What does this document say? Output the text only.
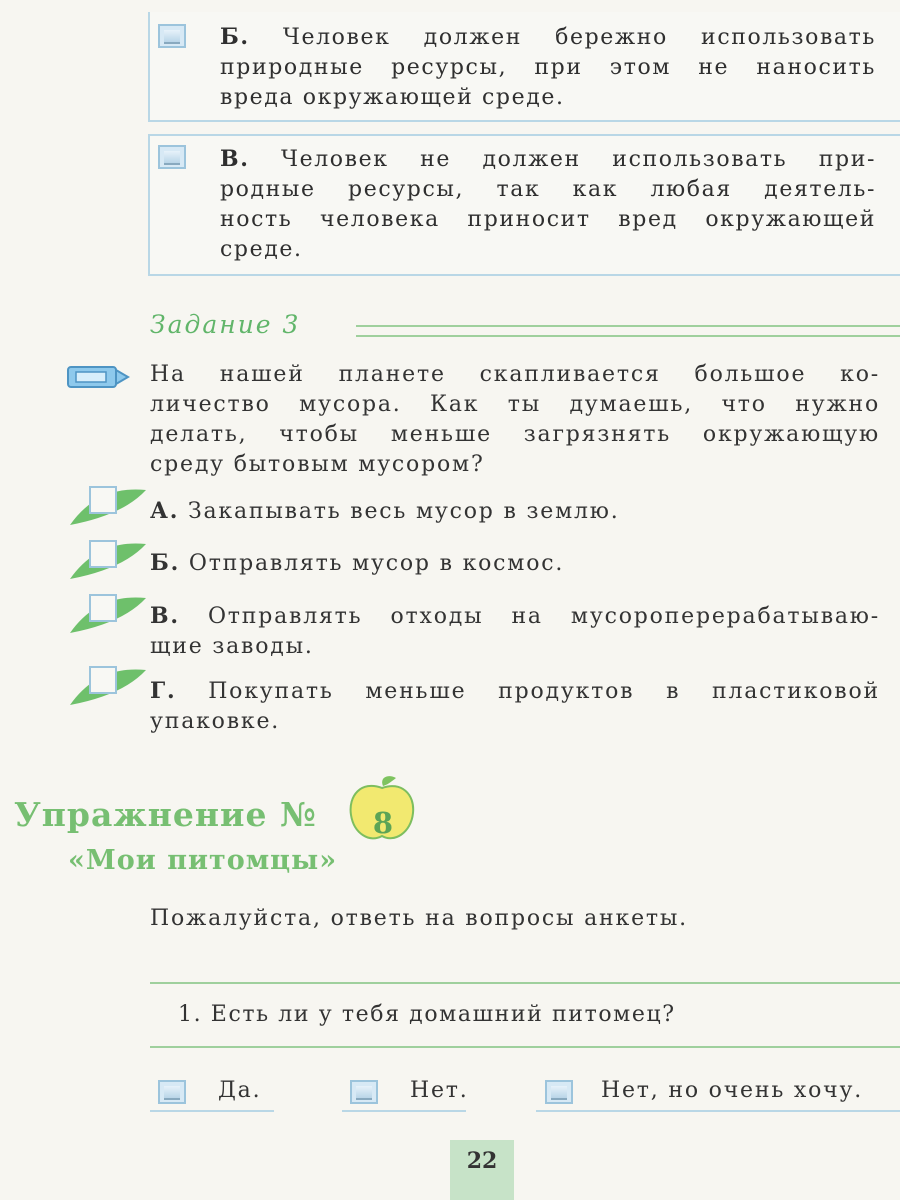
Б. Человек должен бережно использовать
природные ресурсы, при этом не наносить
вреда окружающей среде.
В. Человек не должен использовать при-
родные ресурсы, так как любая деятель-
ность человека приносит вред окружающей
среде.
Задание 3
На нашей планете скапливается большое ко-
личество мусора. Как ты думаешь, что нужно
делать, чтобы меньше загрязнять окружающую
среду бытовым мусором?
А. Закапывать весь мусор в землю.
Б. Отправлять мусор в космос.
В. Отправлять отходы на мусороперерабатываю-
щие заводы.
Г. Покупать меньше продуктов в пластиковой
упаковке.
Упражнение №	8
«Мои питомцы»
Пожалуйста, ответь на вопросы анкеты.
1. Есть ли у тебя домашний питомец?
Да.	Нет.	Нет, но очень хочу.
22
